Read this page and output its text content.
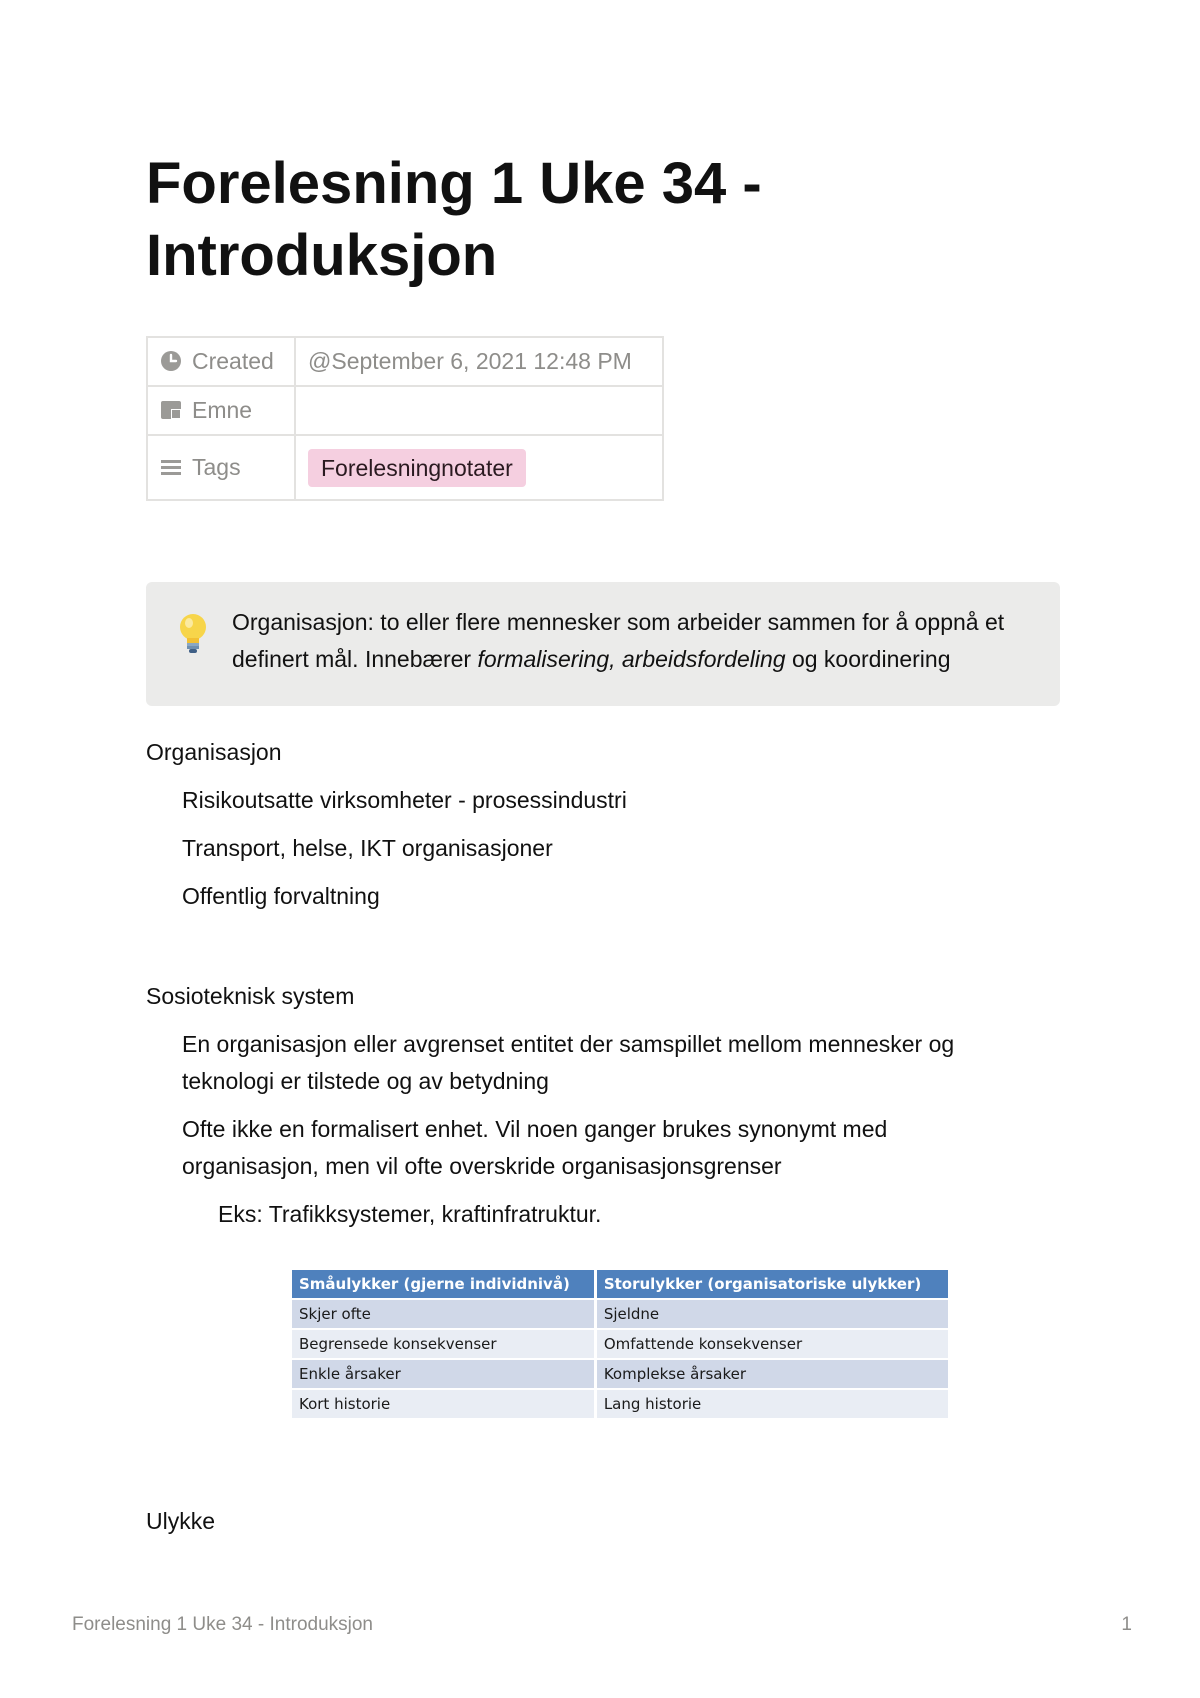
Forelesning 1 Uke 34 - Introduksjon
Created	@September 6, 2021 12:48 PM
Emne	
Tags	Forelesningnotater
Organisasjon: to eller flere mennesker som arbeider sammen for å oppnå et definert mål. Innebærer formalisering, arbeidsfordeling og koordinering

Organisasjon

Risikoutsatte virksomheter - prosessindustri

Transport, helse, IKT organisasjoner

Offentlig forvaltning

Sosioteknisk system

En organisasjon eller avgrenset entitet der samspillet mellom mennesker og teknologi er tilstede og av betydning

Ofte ikke en formalisert enhet. Vil noen ganger brukes synonymt med organisasjon, men vil ofte overskride organisasjonsgrenser

Eks: Trafikksystemer, kraftinfratruktur.

Småulykker (gjerne individnivå)	Storulykker (organisatoriske ulykker)
Skjer ofte	Sjeldne
Begrensede konsekvenser	Omfattende konsekvenser
Enkle årsaker	Komplekse årsaker
Kort historie	Lang historie

Ulykke

Forelesning 1 Uke 34 - Introduksjon	1
